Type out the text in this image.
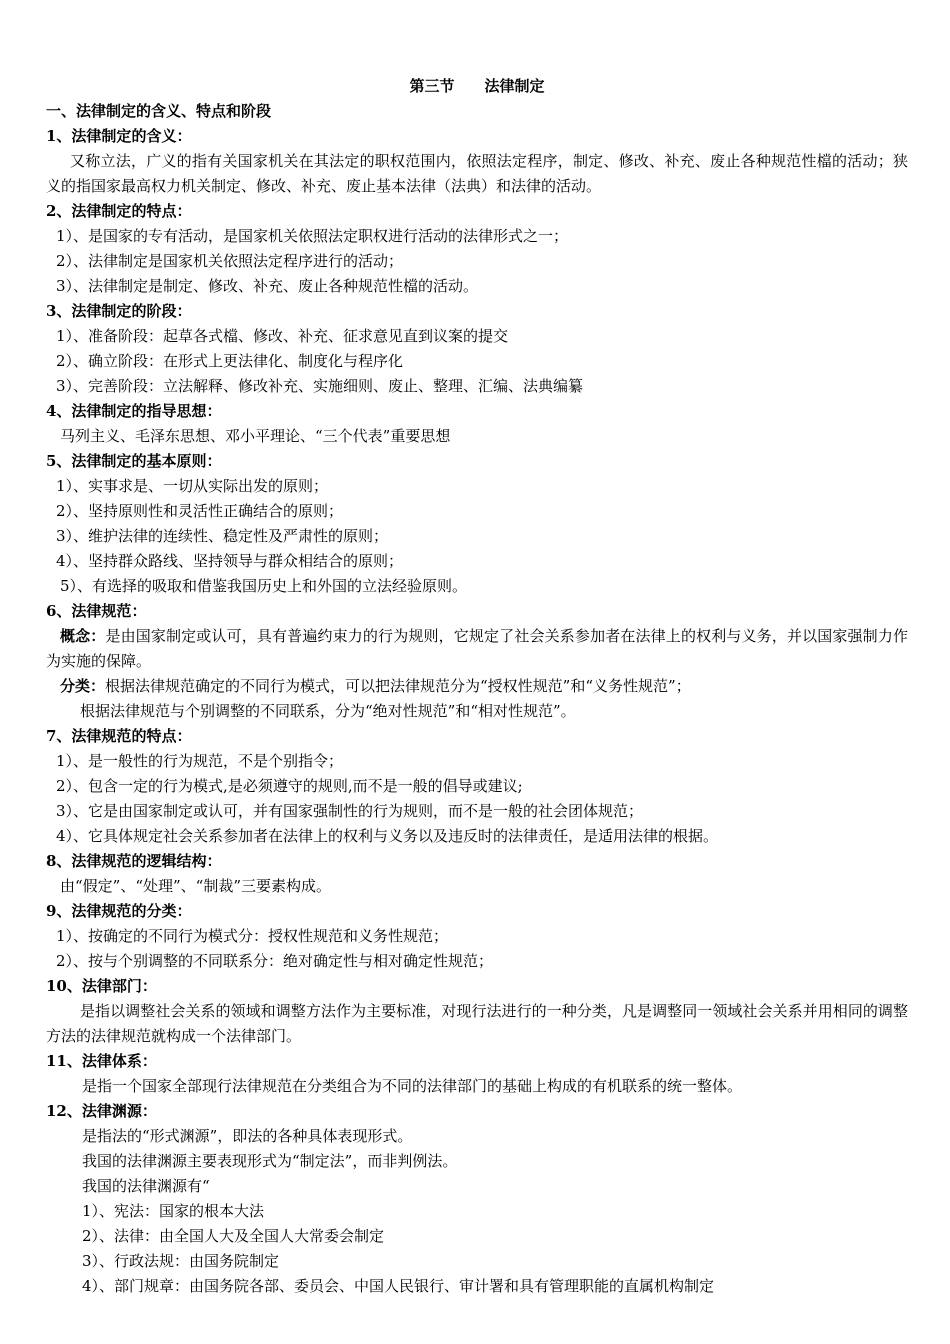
第三节　　法律制定
一、法律制定的含义、特点和阶段
1、法律制定的含义：
又称立法，广义的指有关国家机关在其法定的职权范围内，依照法定程序，制定、修改、补充、废止各种规范性檔的活动；狭义的指国家最高权力机关制定、修改、补充、废止基本法律（法典）和法律的活动。
2、法律制定的特点：
1）、是国家的专有活动，是国家机关依照法定职权进行活动的法律形式之一；
2）、法律制定是国家机关依照法定程序进行的活动；
3）、法律制定是制定、修改、补充、废止各种规范性檔的活动。
3、法律制定的阶段：
1）、准备阶段：起草各式檔、修改、补充、征求意见直到议案的提交
2）、确立阶段：在形式上更法律化、制度化与程序化
3）、完善阶段：立法解释、修改补充、实施细则、废止、整理、汇编、法典编纂
4、法律制定的指导思想：
马列主义、毛泽东思想、邓小平理论、“三个代表”重要思想
5、法律制定的基本原则：
1）、实事求是、一切从实际出发的原则；
2）、坚持原则性和灵活性正确结合的原则；
3）、维护法律的连续性、稳定性及严肃性的原则；
4）、坚持群众路线、坚持领导与群众相结合的原则；
5）、有选择的吸取和借鉴我国历史上和外国的立法经验原则。
6、法律规范：
概念：是由国家制定或认可，具有普遍约束力的行为规则，它规定了社会关系参加者在法律上的权利与义务，并以国家强制力作为实施的保障。
分类：根据法律规范确定的不同行为模式，可以把法律规范分为“授权性规范”和“义务性规范”；
根据法律规范与个别调整的不同联系，分为“绝对性规范”和“相对性规范”。
7、法律规范的特点：
1）、是一般性的行为规范，不是个别指令；
2）、包含一定的行为模式,是必须遵守的规则,而不是一般的倡导或建议;
3）、它是由国家制定或认可，并有国家强制性的行为规则，而不是一般的社会团体规范；
4）、它具体规定社会关系参加者在法律上的权利与义务以及违反时的法律责任，是适用法律的根据。
8、法律规范的逻辑结构：
由“假定”、“处理”、“制裁”三要素构成。
9、法律规范的分类：
1）、按确定的不同行为模式分：授权性规范和义务性规范；
2）、按与个别调整的不同联系分：绝对确定性与相对确定性规范；
10、法律部门：
是指以调整社会关系的领域和调整方法作为主要标准，对现行法进行的一种分类，凡是调整同一领域社会关系并用相同的调整方法的法律规范就构成一个法律部门。
11、法律体系：
是指一个国家全部现行法律规范在分类组合为不同的法律部门的基础上构成的有机联系的统一整体。
12、法律渊源：
是指法的“形式渊源”，即法的各种具体表现形式。
我国的法律渊源主要表现形式为“制定法”，而非判例法。
我国的法律渊源有“
1）、宪法：国家的根本大法
2）、法律：由全国人大及全国人大常委会制定
3）、行政法规：由国务院制定
4）、部门规章：由国务院各部、委员会、中国人民银行、审计署和具有管理职能的直属机构制定
